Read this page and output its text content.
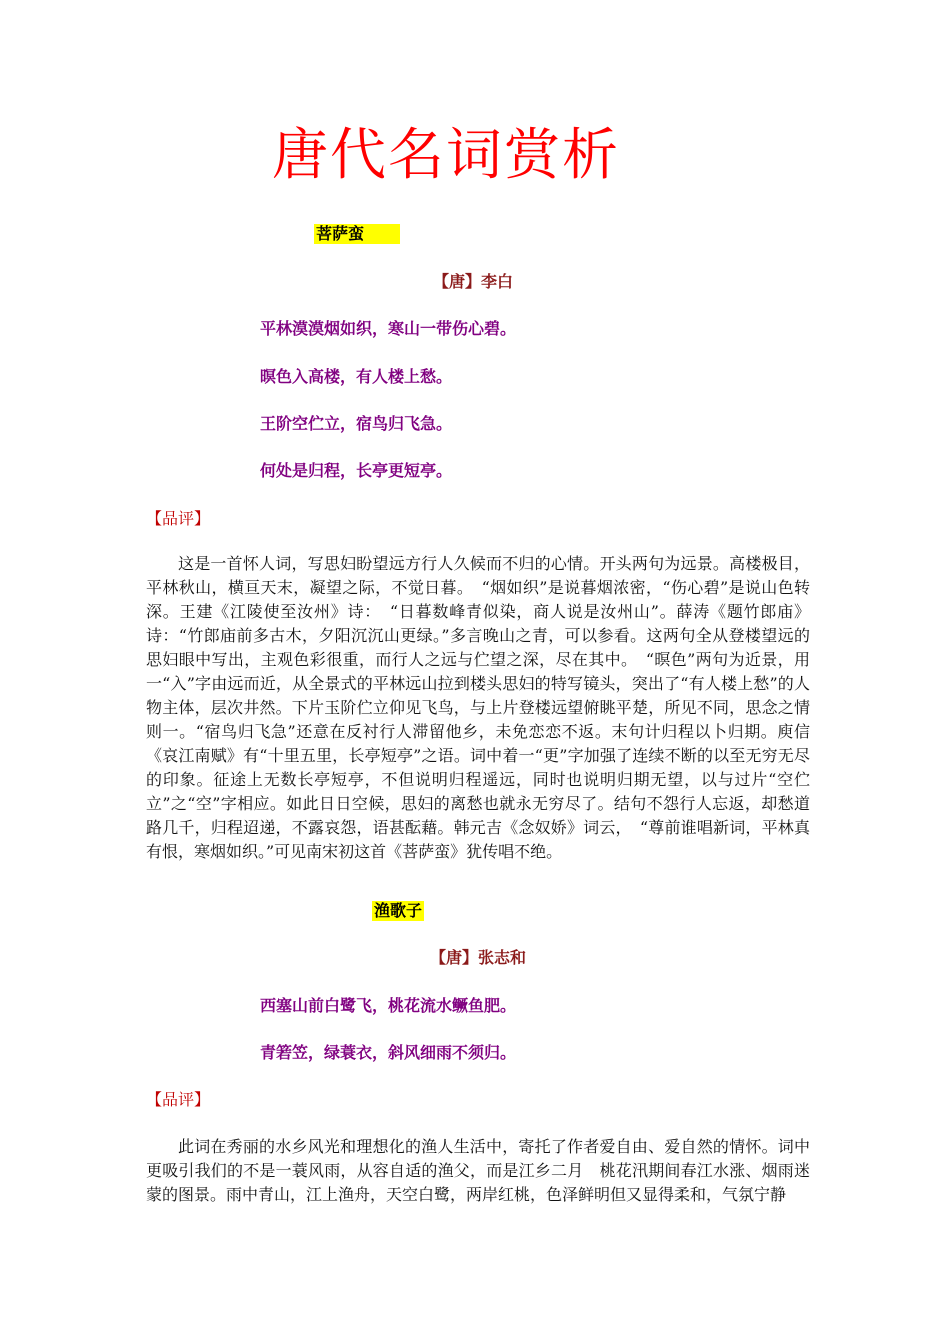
唐代名词赏析
菩萨蛮
【唐】李白
平林漠漠烟如织，寒山一带伤心碧。
暝色入高楼，有人楼上愁。
王阶空伫立，宿鸟归飞急。
何处是归程，长亭更短亭。
【品评】
这是一首怀人词，写思妇盼望远方行人久候而不归的心情。开头两句为远景。高楼极目，平林秋山，横亘天末，凝望之际，不觉日暮。　“烟如织”是说暮烟浓密，“伤心碧”是说山色转深。王建《江陵使至汝州》诗：　“日暮数峰青似染，商人说是汝州山”。薛涛《题竹郎庙》诗：“竹郎庙前多古木，夕阳沉沉山更绿。”多言晚山之青，可以参看。这两句全从登楼望远的思妇眼中写出，主观色彩很重，而行人之远与伫望之深，尽在其中。　“暝色”两句为近景，用一“入”字由远而近，从全景式的平林远山拉到楼头思妇的特写镜头，突出了“有人楼上愁”的人物主体，层次井然。下片玉阶伫立仰见飞鸟，与上片登楼远望俯眺平楚，所见不同，思念之情则一。“宿鸟归飞急”还意在反衬行人滞留他乡，未免恋恋不返。末句计归程以卜归期。庾信《哀江南赋》有“十里五里，长亭短亭”之语。词中着一“更”字加强了连续不断的以至无穷无尽的印象。征途上无数长亭短亭，不但说明归程遥远，同时也说明归期无望，以与过片“空伫立”之“空”字相应。如此日日空候，思妇的离愁也就永无穷尽了。结句不怨行人忘返，却愁道路几千，归程迢递，不露哀怨，语甚酝藉。韩元吉《念奴娇》词云，　“尊前谁唱新词，平林真有恨，寒烟如织。”可见南宋初这首《菩萨蛮》犹传唱不绝。
渔歌子
【唐】张志和
西塞山前白鹭飞，桃花流水鳜鱼肥。
青箬笠，绿蓑衣，斜风细雨不须归。
【品评】
此词在秀丽的水乡风光和理想化的渔人生活中，寄托了作者爱自由、爱自然的情怀。词中更吸引我们的不是一蓑风雨，从容自适的渔父，而是江乡二月　桃花汛期间春江水涨、烟雨迷蒙的图景。雨中青山，江上渔舟，天空白鹭，两岸红桃，色泽鲜明但又显得柔和，气氛宁静
